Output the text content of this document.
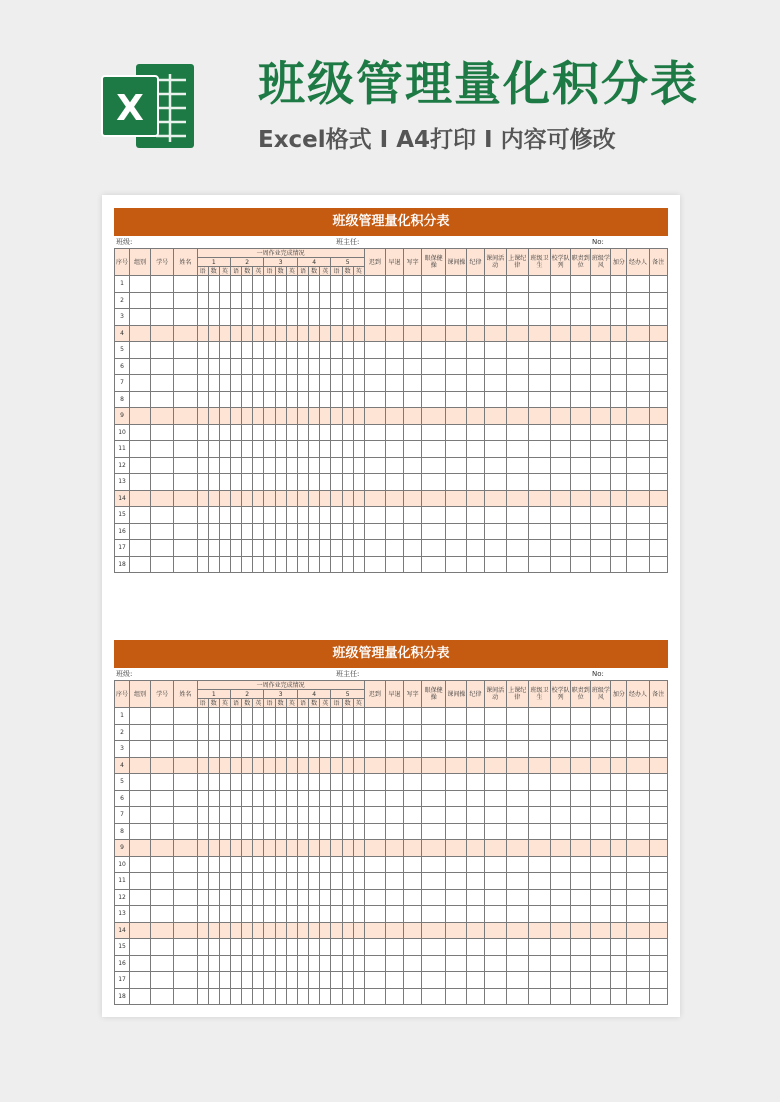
X 班级管理量化积分表
Excel格式 I A4打印 I 内容可修改
班级管理量化积分表
班级:	班主任:	No:
序号	组别	学号	姓名	一周作业完成情况															迟到	早退	写字	眼保健操	课间操	纪律	课间活动	上课纪律	班级卫生	校学队列	职责到位	班级学风	加分	经办人	备注
				1			2			3			4			5																	
				语	数	英	语	数	英	语	数	英	语	数	英	语	数	英															
1																																	
2																																	
3																																	
4																																	
5																																	
6																																	
7																																	
8																																	
9																																	
10																																	
11																																	
12																																	
13																																	
14																																	
15																																	
16																																	
17																																	
18																																	
班级管理量化积分表
班级:	班主任:	No:
序号	组别	学号	姓名	一周作业完成情况															迟到	早退	写字	眼保健操	课间操	纪律	课间活动	上课纪律	班级卫生	校学队列	职责到位	班级学风	加分	经办人	备注
				1			2			3			4			5																	
				语	数	英	语	数	英	语	数	英	语	数	英	语	数	英															
1																																	
2																																	
3																																	
4																																	
5																																	
6																																	
7																																	
8																																	
9																																	
10																																	
11																																	
12																																	
13																																	
14																																	
15																																	
16																																	
17																																	
18																																	
